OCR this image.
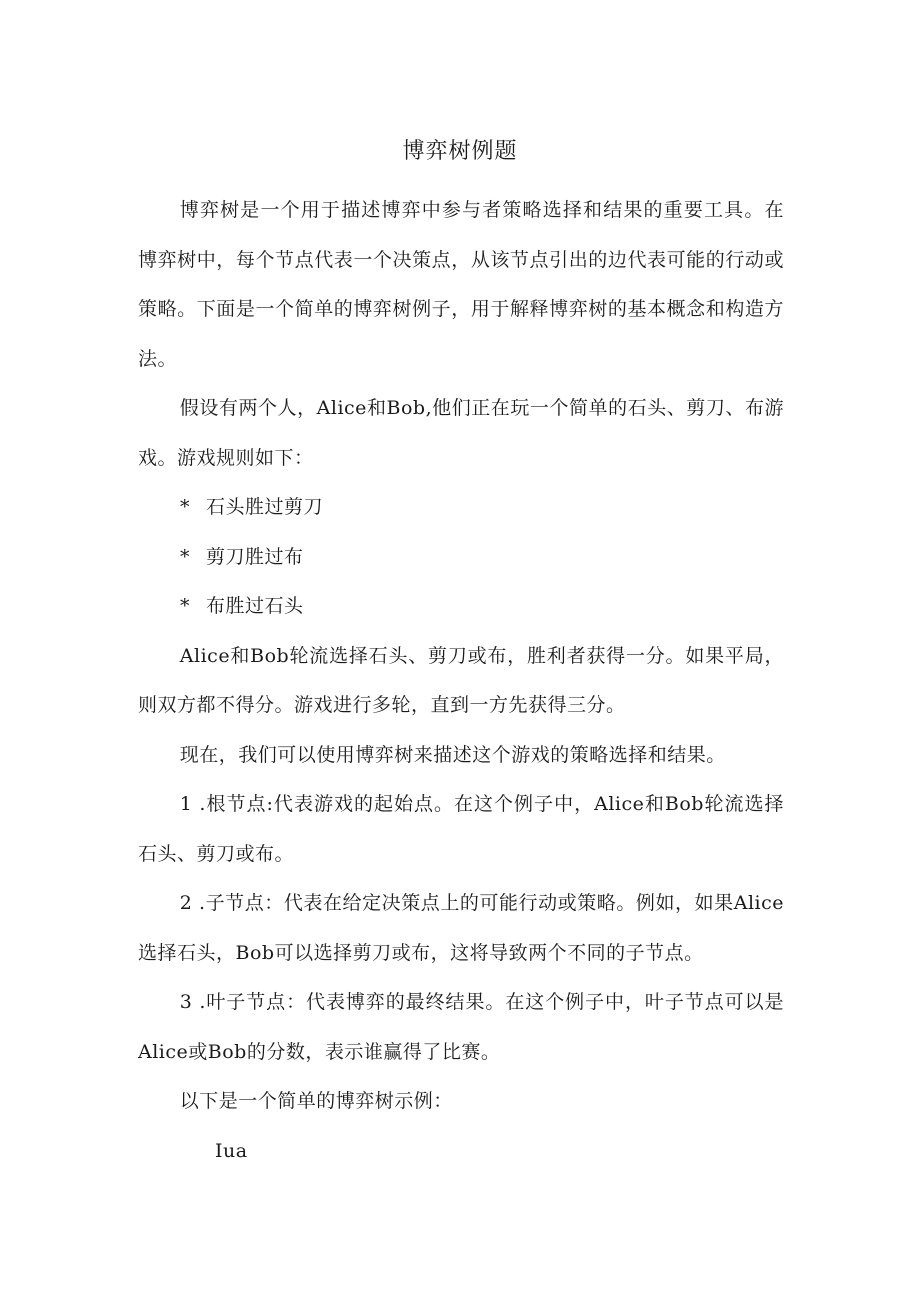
博弈树例题

博弈树是一个用于描述博弈中参与者策略选择和结果的重要工具。在博弈树中，每个节点代表一个决策点，从该节点引出的边代表可能的行动或策略。下面是一个简单的博弈树例子，用于解释博弈树的基本概念和构造方法。

假设有两个人，Alice和Bob,他们正在玩一个简单的石头、剪刀、布游戏。游戏规则如下：

* 石头胜过剪刀

* 剪刀胜过布

* 布胜过石头

Alice和Bob轮流选择石头、剪刀或布，胜利者获得一分。如果平局，则双方都不得分。游戏进行多轮，直到一方先获得三分。

现在，我们可以使用博弈树来描述这个游戏的策略选择和结果。

1 .根节点:代表游戏的起始点。在这个例子中，Alice和Bob轮流选择石头、剪刀或布。

2 .子节点：代表在给定决策点上的可能行动或策略。例如，如果Alice选择石头，Bob可以选择剪刀或布，这将导致两个不同的子节点。

3 .叶子节点：代表博弈的最终结果。在这个例子中，叶子节点可以是Alice或Bob的分数，表示谁赢得了比赛。

以下是一个简单的博弈树示例：

Iua
